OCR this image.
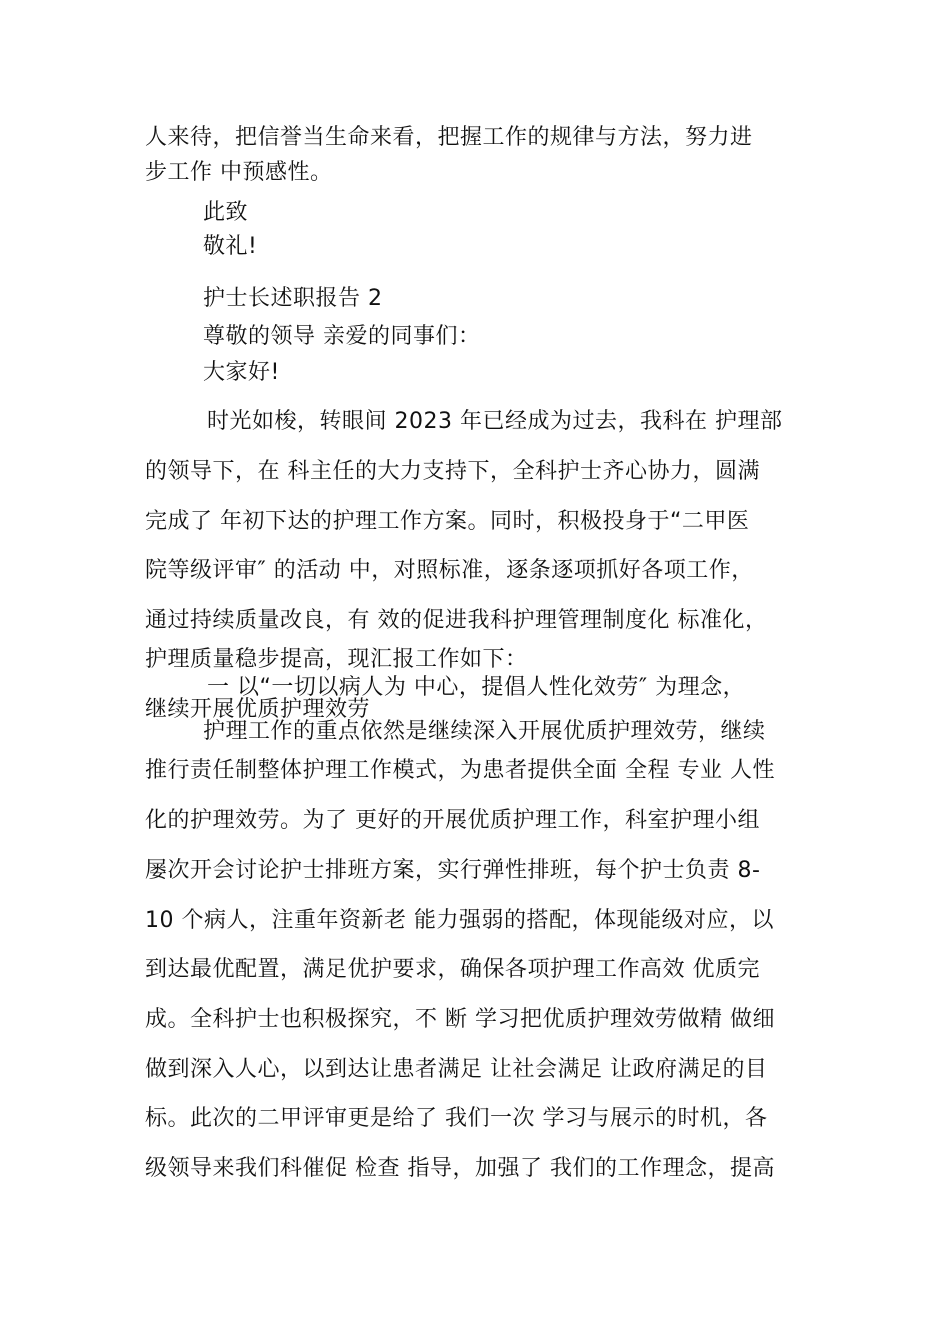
人来待，把信誉当生命来看，把握工作的规律与方法，努力进
步工作 中预感性。
此致
敬礼!
护士长述职报告 2
尊敬的领导 亲爱的同事们：
大家好!
时光如梭，转眼间 2023 年已经成为过去，我科在 护理部
的领导下，在 科主任的大力支持下，全科护士齐心协力，圆满
完成了 年初下达的护理工作方案。同时，积极投身于“二甲医
院等级评审″ 的活动 中，对照标准，逐条逐项抓好各项工作，
通过持续质量改良，有 效的促进我科护理管理制度化 标准化，
护理质量稳步提高，现汇报工作如下：
一 以“一切以病人为 中心，提倡人性化效劳″ 为理念，
继续开展优质护理效劳
护理工作的重点依然是继续深入开展优质护理效劳，继续
推行责任制整体护理工作模式，为患者提供全面 全程 专业 人性
化的护理效劳。为了 更好的开展优质护理工作，科室护理小组
屡次开会讨论护士排班方案，实行弹性排班，每个护士负责 8-
10 个病人，注重年资新老 能力强弱的搭配，体现能级对应，以
到达最优配置，满足优护要求，确保各项护理工作高效 优质完
成。全科护士也积极探究，不 断 学习把优质护理效劳做精 做细
做到深入人心，以到达让患者满足 让社会满足 让政府满足的目
标。此次的二甲评审更是给了 我们一次 学习与展示的时机，各
级领导来我们科催促 检查 指导，加强了 我们的工作理念，提高
